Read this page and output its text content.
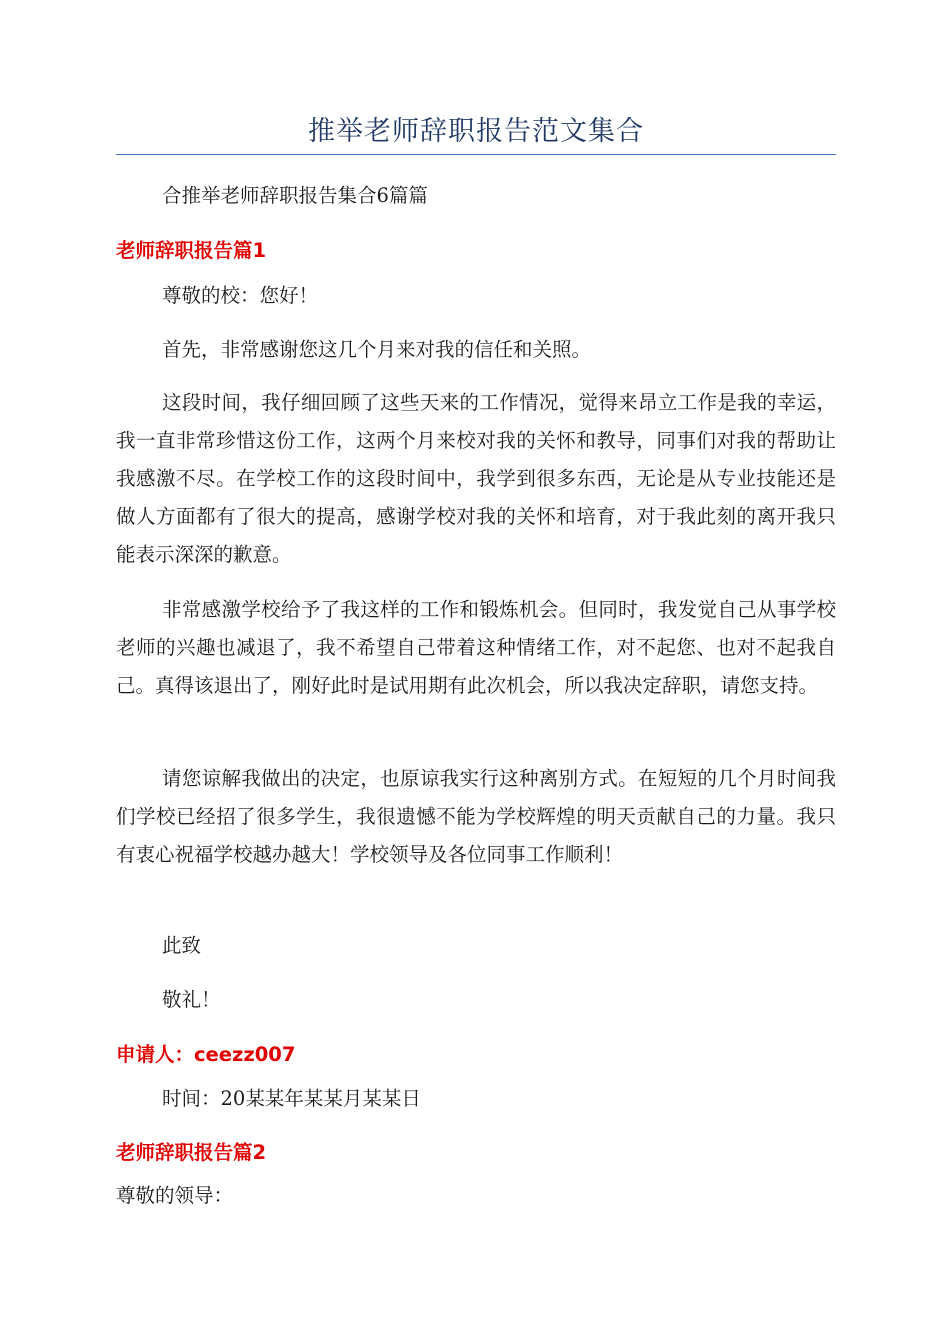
推举老师辞职报告范文集合
合推举老师辞职报告集合6篇篇
老师辞职报告篇1
尊敬的校：您好！
首先，非常感谢您这几个月来对我的信任和关照。

这段时间，我仔细回顾了这些天来的工作情况，觉得来昂立工作是我的幸运，我一直非常珍惜这份工作，这两个月来校对我的关怀和教导，同事们对我的帮助让我感激不尽。在学校工作的这段时间中，我学到很多东西，无论是从专业技能还是做人方面都有了很大的提高，感谢学校对我的关怀和培育，对于我此刻的离开我只能表示深深的歉意。

非常感激学校给予了我这样的工作和锻炼机会。但同时，我发觉自己从事学校老师的兴趣也减退了，我不希望自己带着这种情绪工作，对不起您、也对不起我自己。真得该退出了，刚好此时是试用期有此次机会，所以我决定辞职，请您支持。

请您谅解我做出的决定，也原谅我实行这种离别方式。在短短的几个月时间我们学校已经招了很多学生，我很遗憾不能为学校辉煌的明天贡献自己的力量。我只有衷心祝福学校越办越大！学校领导及各位同事工作顺利！

此致
敬礼！
申请人：ceezz007
时间：20某某年某某月某某日
老师辞职报告篇2
尊敬的领导：
